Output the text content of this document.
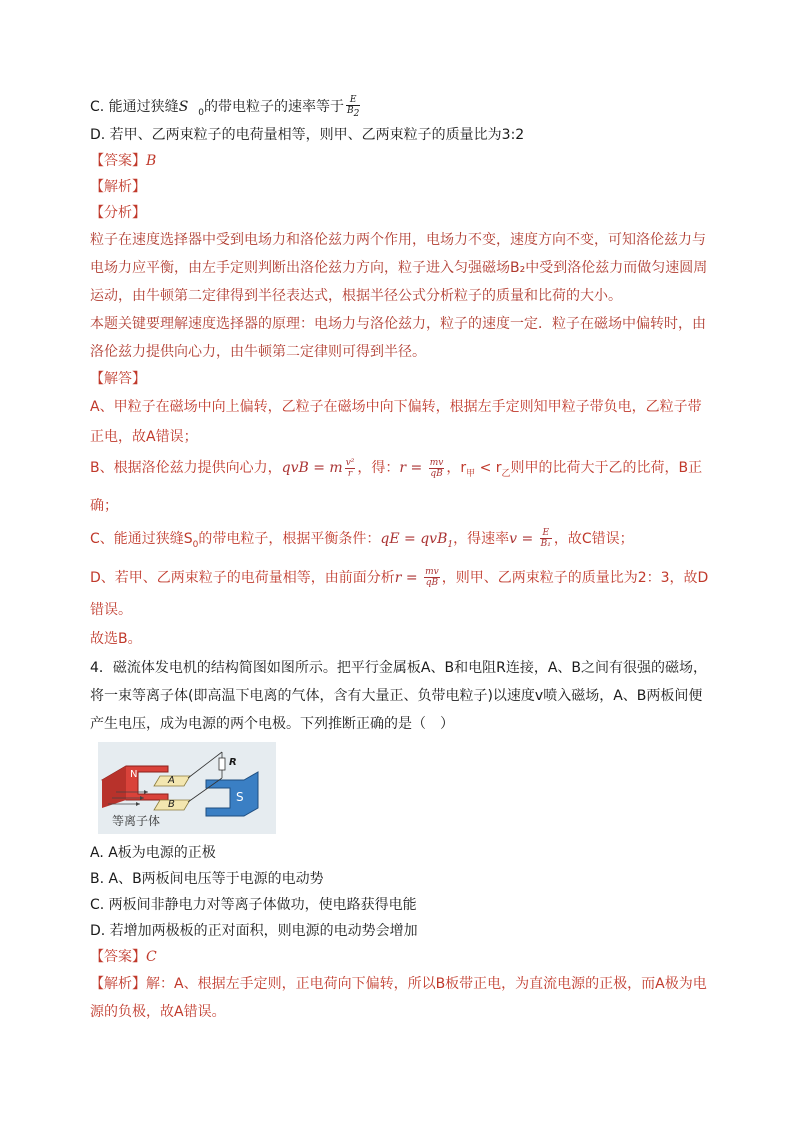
C. 能通过狭缝S $_0$的带电粒子的速率等于 $\frac{E}{B_2}$
D. 若甲、乙两束粒子的电荷量相等，则甲、乙两束粒子的质量比为3:2
【答案】B
【解析】
【分析】
粒子在速度选择器中受到电场力和洛伦兹力两个作用，电场力不变，速度方向不变，可知洛伦兹力与电场力应平衡，由左手定则判断出洛伦兹力方向，粒子进入匀强磁场B₂中受到洛伦兹力而做匀速圆周运动，由牛顿第二定律得到半径表达式，根据半径公式分析粒子的质量和比荷的大小。
本题关键要理解速度选择器的原理：电场力与洛伦兹力，粒子的速度一定．粒子在磁场中偏转时，由洛伦兹力提供向心力，由牛顿第二定律则可得到半径。
【解答】
A、甲粒子在磁场中向上偏转，乙粒子在磁场中向下偏转，根据左手定则知甲粒子带负电，乙粒子带正电，故A错误；
B、根据洛伦兹力提供向心力，qvB = m $\frac{\text{v²}}{r}$ ，得：$r = \frac{mv}{qB}$ ，$r_甲 < r_乙$则甲的比荷大于乙的比荷，B正
确；
C、能通过狭缝$S_0$的带电粒子，根据平衡条件：qE = qvB$_1$，得速率$v = \frac{E}{\text{B₁}}$ ，故C错误；
D、若甲、乙两束粒子的电荷量相等，由前面分析$r = \frac{mv}{qB}$ ，则甲、乙两束粒子的质量比为2：3，故D
错误。
故选B。
4．磁流体发电机的结构简图如图所示。把平行金属板A、B和电阻R连接，A、B之间有很强的磁场，将一束等离子体(即高温下电离的气体，含有大量正、负带电粒子)以速度v喷入磁场，A、B两板间便产生电压，成为电源的两个电极。下列推断正确的是（　）
N
S
A
B
R
等离子体
A. A板为电源的正极
B. A、B两板间电压等于电源的电动势
C. 两板间非静电力对等离子体做功，使电路获得电能
D. 若增加两极板的正对面积，则电源的电动势会增加
【答案】C
【解析】解：A、根据左手定则，正电荷向下偏转，所以B板带正电，为直流电源的正极，而A极为电源的负极，故A错误。
